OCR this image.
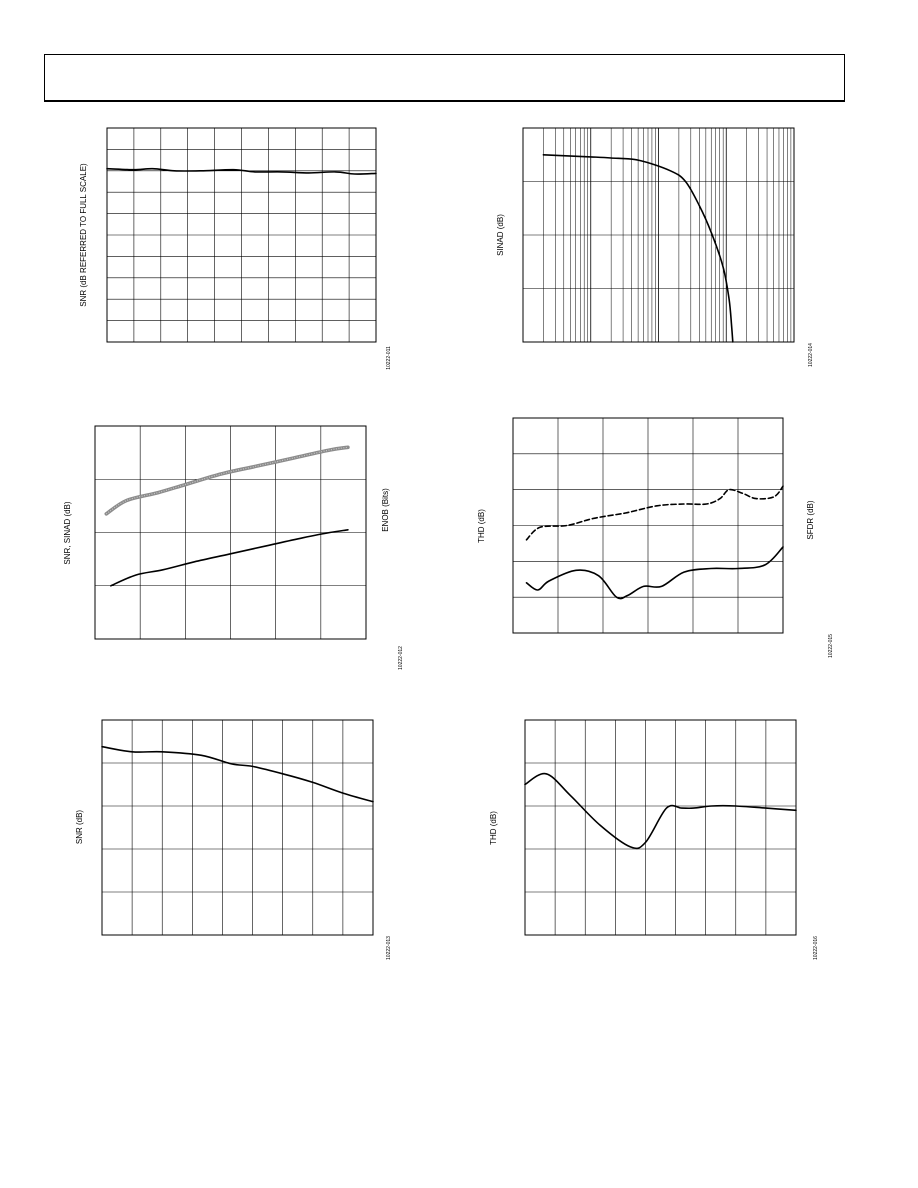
SNR (dB REFERRED TO FULL SCALE)
10222-011
SINAD (dB)
10222-014
SNR, SINAD (dB)	ENOB (Bits)
10222-012
THD (dB)	SFDR (dB)
10222-015
SNR (dB)
10222-013
THD (dB)
10222-016
